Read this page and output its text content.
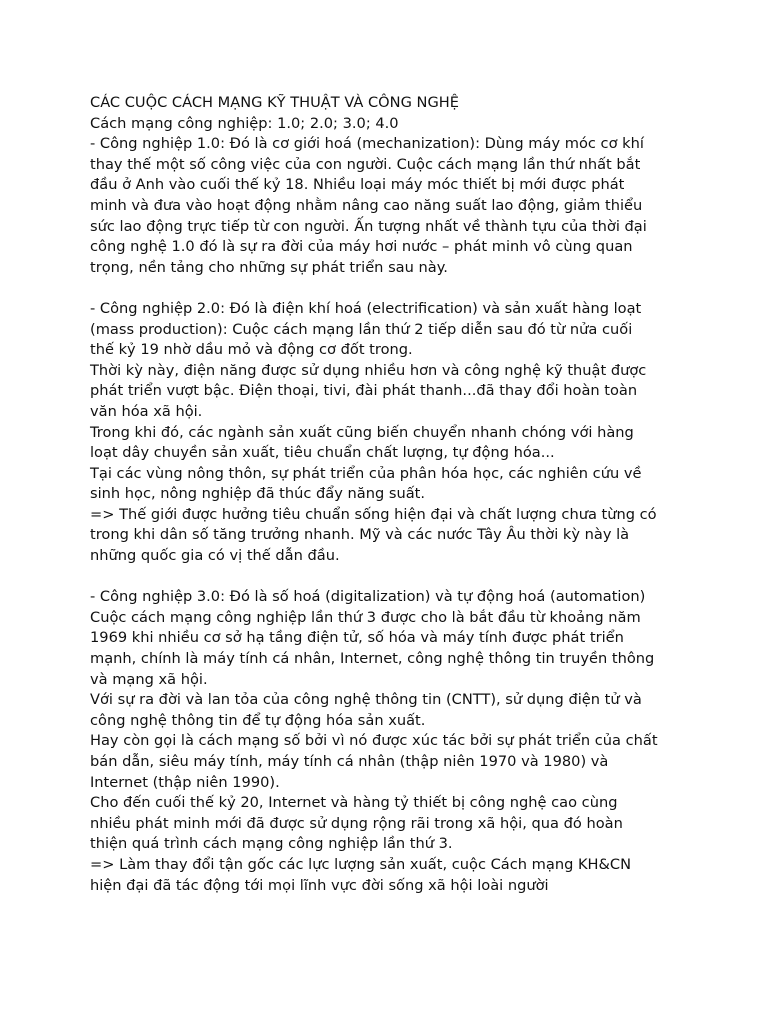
CÁC CUỘC CÁCH MẠNG KỸ THUẬT VÀ CÔNG NGHỆ
Cách mạng công nghiệp: 1.0; 2.0; 3.0; 4.0
- Công nghiệp 1.0: Đó là cơ giới hoá (mechanization): Dùng máy móc cơ khí
thay thế một số công việc của con người. Cuộc cách mạng lần thứ nhất bắt
đầu ở Anh vào cuối thế kỷ 18. Nhiều loại máy móc thiết bị mới được phát
minh và đưa vào hoạt động nhằm nâng cao năng suất lao động, giảm thiểu
sức lao động trực tiếp từ con người. Ấn tượng nhất về thành tựu của thời đại
công nghệ 1.0 đó là sự ra đời của máy hơi nước – phát minh vô cùng quan
trọng, nền tảng cho những sự phát triển sau này.
- Công nghiệp 2.0: Đó là điện khí hoá (electrification) và sản xuất hàng loạt
(mass production): Cuộc cách mạng lần thứ 2 tiếp diễn sau đó từ nửa cuối
thế kỷ 19 nhờ dầu mỏ và động cơ đốt trong.
Thời kỳ này, điện năng được sử dụng nhiều hơn và công nghệ kỹ thuật được
phát triển vượt bậc. Điện thoại, tivi, đài phát thanh...đã thay đổi hoàn toàn
văn hóa xã hội.
Trong khi đó, các ngành sản xuất cũng biến chuyển nhanh chóng với hàng
loạt dây chuyền sản xuất, tiêu chuẩn chất lượng, tự động hóa...
Tại các vùng nông thôn, sự phát triển của phân hóa học, các nghiên cứu về
sinh học, nông nghiệp đã thúc đẩy năng suất.
=> Thế giới được hưởng tiêu chuẩn sống hiện đại và chất lượng chưa từng có
trong khi dân số tăng trưởng nhanh. Mỹ và các nước Tây Âu thời kỳ này là
những quốc gia có vị thế dẫn đầu.
- Công nghiệp 3.0: Đó là số hoá (digitalization) và tự động hoá (automation)
Cuộc cách mạng công nghiệp lần thứ 3 được cho là bắt đầu từ khoảng năm
1969 khi nhiều cơ sở hạ tầng điện tử, số hóa và máy tính được phát triển
mạnh, chính là máy tính cá nhân, Internet, công nghệ thông tin truyền thông
và mạng xã hội.
Với sự ra đời và lan tỏa của công nghệ thông tin (CNTT), sử dụng điện tử và
công nghệ thông tin để tự động hóa sản xuất.
Hay còn gọi là cách mạng số bởi vì nó được xúc tác bởi sự phát triển của chất
bán dẫn, siêu máy tính, máy tính cá nhân (thập niên 1970 và 1980) và
Internet (thập niên 1990).
Cho đến cuối thế kỷ 20, Internet và hàng tỷ thiết bị công nghệ cao cùng
nhiều phát minh mới đã được sử dụng rộng rãi trong xã hội, qua đó hoàn
thiện quá trình cách mạng công nghiệp lần thứ 3.
=> Làm thay đổi tận gốc các lực lượng sản xuất, cuộc Cách mạng KH&CN
hiện đại đã tác động tới mọi lĩnh vực đời sống xã hội loài người
